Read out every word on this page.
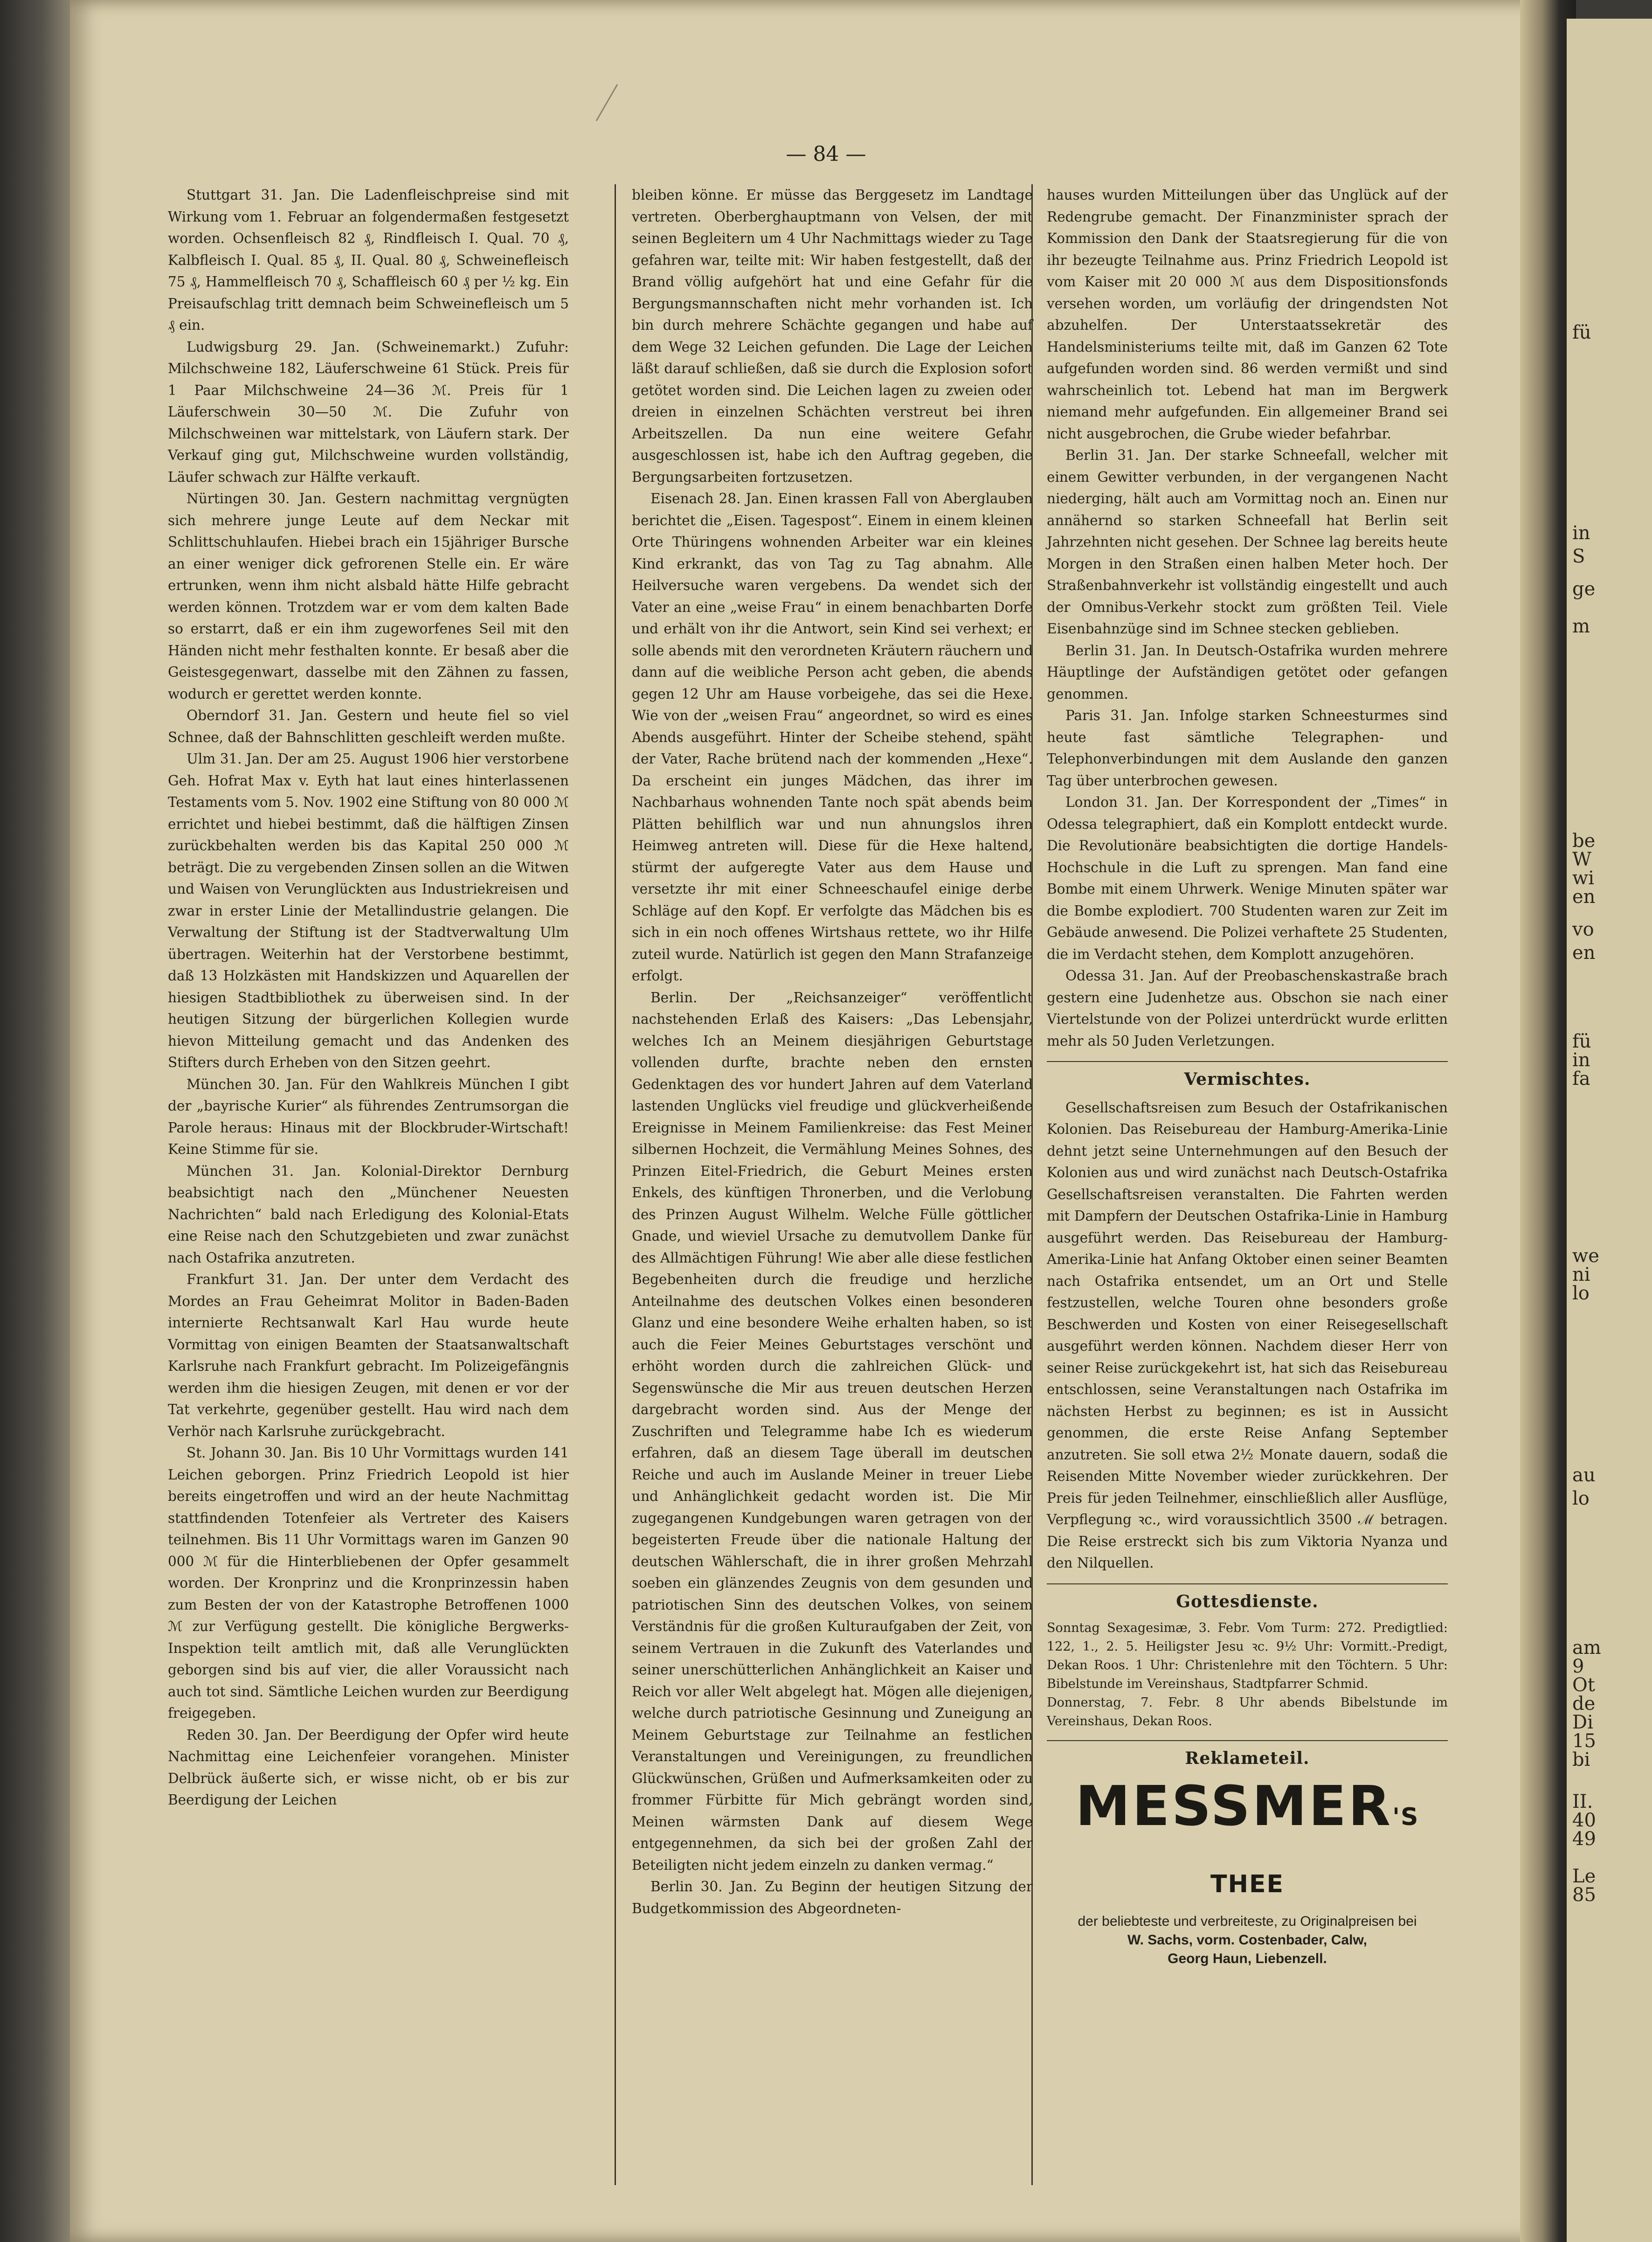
— 84 —

Stuttgart 31. Jan. Die Ladenfleischpreise sind mit Wirkung vom 1. Februar an folgendermaßen festgesetzt worden. Ochsenfleisch 82 ₰, Rindfleisch I. Qual. 70 ₰, Kalbfleisch I. Qual. 85 ₰, II. Qual. 80 ₰, Schweinefleisch 75 ₰, Hammelfleisch 70 ₰, Schaffleisch 60 ₰ per ½ kg. Ein Preisaufschlag tritt demnach beim Schweinefleisch um 5 ₰ ein.

Ludwigsburg 29. Jan. (Schweinemarkt.) Zufuhr: Milchschweine 182, Läuferschweine 61 Stück. Preis für 1 Paar Milchschweine 24—36 ℳ. Preis für 1 Läuferschwein 30—50 ℳ. Die Zufuhr von Milchschweinen war mittelstark, von Läufern stark. Der Verkauf ging gut, Milchschweine wurden vollständig, Läufer schwach zur Hälfte verkauft.

Nürtingen 30. Jan. Gestern nachmittag vergnügten sich mehrere junge Leute auf dem Neckar mit Schlittschuhlaufen. Hiebei brach ein 15jähriger Bursche an einer weniger dick gefrorenen Stelle ein. Er wäre ertrunken, wenn ihm nicht alsbald hätte Hilfe gebracht werden können. Trotzdem war er vom dem kalten Bade so erstarrt, daß er ein ihm zugeworfenes Seil mit den Händen nicht mehr festhalten konnte. Er besaß aber die Geistesgegenwart, dasselbe mit den Zähnen zu fassen, wodurch er gerettet werden konnte.

Oberndorf 31. Jan. Gestern und heute fiel so viel Schnee, daß der Bahnschlitten geschleift werden mußte.

Ulm 31. Jan. Der am 25. August 1906 hier verstorbene Geh. Hofrat Max v. Eyth hat laut eines hinterlassenen Testaments vom 5. Nov. 1902 eine Stiftung von 80 000 ℳ errichtet und hiebei bestimmt, daß die hälftigen Zinsen zurückbehalten werden bis das Kapital 250 000 ℳ beträgt. Die zu vergebenden Zinsen sollen an die Witwen und Waisen von Verunglückten aus Industriekreisen und zwar in erster Linie der Metallindustrie gelangen. Die Verwaltung der Stiftung ist der Stadtverwaltung Ulm übertragen. Weiterhin hat der Verstorbene bestimmt, daß 13 Holzkästen mit Handskizzen und Aquarellen der hiesigen Stadtbibliothek zu überweisen sind. In der heutigen Sitzung der bürgerlichen Kollegien wurde hievon Mitteilung gemacht und das Andenken des Stifters durch Erheben von den Sitzen geehrt.

München 30. Jan. Für den Wahlkreis München I gibt der „bayrische Kurier“ als führendes Zentrumsorgan die Parole heraus: Hinaus mit der Blockbruder-Wirtschaft! Keine Stimme für sie.

München 31. Jan. Kolonial-Direktor Dernburg beabsichtigt nach den „Münchener Neuesten Nachrichten“ bald nach Erledigung des Kolonial-Etats eine Reise nach den Schutzgebieten und zwar zunächst nach Ostafrika anzutreten.

Frankfurt 31. Jan. Der unter dem Verdacht des Mordes an Frau Geheimrat Molitor in Baden-Baden internierte Rechtsanwalt Karl Hau wurde heute Vormittag von einigen Beamten der Staatsanwaltschaft Karlsruhe nach Frankfurt gebracht. Im Polizeigefängnis werden ihm die hiesigen Zeugen, mit denen er vor der Tat verkehrte, gegenüber gestellt. Hau wird nach dem Verhör nach Karlsruhe zurückgebracht.

St. Johann 30. Jan. Bis 10 Uhr Vormittags wurden 141 Leichen geborgen. Prinz Friedrich Leopold ist hier bereits eingetroffen und wird an der heute Nachmittag stattfindenden Totenfeier als Vertreter des Kaisers teilnehmen. Bis 11 Uhr Vormittags waren im Ganzen 90 000 ℳ für die Hinterbliebenen der Opfer gesammelt worden. Der Kronprinz und die Kronprinzessin haben zum Besten der von der Katastrophe Betroffenen 1000 ℳ zur Verfügung gestellt. Die königliche Bergwerks-Inspektion teilt amtlich mit, daß alle Verunglückten geborgen sind bis auf vier, die aller Voraussicht nach auch tot sind. Sämtliche Leichen wurden zur Beerdigung freigegeben.

Reden 30. Jan. Der Beerdigung der Opfer wird heute Nachmittag eine Leichenfeier vorangehen. Minister Delbrück äußerte sich, er wisse nicht, ob er bis zur Beerdigung der Leichen

bleiben könne. Er müsse das Berggesetz im Landtage vertreten. Oberberghauptmann von Velsen, der mit seinen Begleitern um 4 Uhr Nachmittags wieder zu Tage gefahren war, teilte mit: Wir haben festgestellt, daß der Brand völlig aufgehört hat und eine Gefahr für die Bergungsmannschaften nicht mehr vorhanden ist. Ich bin durch mehrere Schächte gegangen und habe auf dem Wege 32 Leichen gefunden. Die Lage der Leichen läßt darauf schließen, daß sie durch die Explosion sofort getötet worden sind. Die Leichen lagen zu zweien oder dreien in einzelnen Schächten verstreut bei ihren Arbeitszellen. Da nun eine weitere Gefahr ausgeschlossen ist, habe ich den Auftrag gegeben, die Bergungsarbeiten fortzusetzen.

Eisenach 28. Jan. Einen krassen Fall von Aberglauben berichtet die „Eisen. Tagespost“. Einem in einem kleinen Orte Thüringens wohnenden Arbeiter war ein kleines Kind erkrankt, das von Tag zu Tag abnahm. Alle Heilversuche waren vergebens. Da wendet sich der Vater an eine „weise Frau“ in einem benachbarten Dorfe und erhält von ihr die Antwort, sein Kind sei verhext; er solle abends mit den verordneten Kräutern räuchern und dann auf die weibliche Person acht geben, die abends gegen 12 Uhr am Hause vorbeigehe, das sei die Hexe. Wie von der „weisen Frau“ angeordnet, so wird es eines Abends ausgeführt. Hinter der Scheibe stehend, späht der Vater, Rache brütend nach der kommenden „Hexe“. Da erscheint ein junges Mädchen, das ihrer im Nachbarhaus wohnenden Tante noch spät abends beim Plätten behilflich war und nun ahnungslos ihren Heimweg antreten will. Diese für die Hexe haltend, stürmt der aufgeregte Vater aus dem Hause und versetzte ihr mit einer Schneeschaufel einige derbe Schläge auf den Kopf. Er verfolgte das Mädchen bis es sich in ein noch offenes Wirtshaus rettete, wo ihr Hilfe zuteil wurde. Natürlich ist gegen den Mann Strafanzeige erfolgt.

Berlin. Der „Reichsanzeiger“ veröffentlicht nachstehenden Erlaß des Kaisers: „Das Lebensjahr, welches Ich an Meinem diesjährigen Geburtstage vollenden durfte, brachte neben den ernsten Gedenktagen des vor hundert Jahren auf dem Vaterland lastenden Unglücks viel freudige und glückverheißende Ereignisse in Meinem Familienkreise: das Fest Meiner silbernen Hochzeit, die Vermählung Meines Sohnes, des Prinzen Eitel-Friedrich, die Geburt Meines ersten Enkels, des künftigen Thronerben, und die Verlobung des Prinzen August Wilhelm. Welche Fülle göttlicher Gnade, und wieviel Ursache zu demutvollem Danke für des Allmächtigen Führung! Wie aber alle diese festlichen Begebenheiten durch die freudige und herzliche Anteilnahme des deutschen Volkes einen besonderen Glanz und eine besondere Weihe erhalten haben, so ist auch die Feier Meines Geburtstages verschönt und erhöht worden durch die zahlreichen Glück- und Segenswünsche die Mir aus treuen deutschen Herzen dargebracht worden sind. Aus der Menge der Zuschriften und Telegramme habe Ich es wiederum erfahren, daß an diesem Tage überall im deutschen Reiche und auch im Auslande Meiner in treuer Liebe und Anhänglichkeit gedacht worden ist. Die Mir zugegangenen Kundgebungen waren getragen von der begeisterten Freude über die nationale Haltung der deutschen Wählerschaft, die in ihrer großen Mehrzahl soeben ein glänzendes Zeugnis von dem gesunden und patriotischen Sinn des deutschen Volkes, von seinem Verständnis für die großen Kulturaufgaben der Zeit, von seinem Vertrauen in die Zukunft des Vaterlandes und seiner unerschütterlichen Anhänglichkeit an Kaiser und Reich vor aller Welt abgelegt hat. Mögen alle diejenigen, welche durch patriotische Gesinnung und Zuneigung an Meinem Geburtstage zur Teilnahme an festlichen Veranstaltungen und Vereinigungen, zu freundlichen Glückwünschen, Grüßen und Aufmerksamkeiten oder zu frommer Fürbitte für Mich gebrängt worden sind, Meinen wärmsten Dank auf diesem Wege entgegennehmen, da sich bei der großen Zahl der Beteiligten nicht jedem einzeln zu danken vermag.“

Berlin 30. Jan. Zu Beginn der heutigen Sitzung der Budgetkommission des Abgeordneten-

hauses wurden Mitteilungen über das Unglück auf der Redengrube gemacht. Der Finanzminister sprach der Kommission den Dank der Staatsregierung für die von ihr bezeugte Teilnahme aus. Prinz Friedrich Leopold ist vom Kaiser mit 20 000 ℳ aus dem Dispositionsfonds versehen worden, um vorläufig der dringendsten Not abzuhelfen. Der Unterstaatssekretär des Handelsministeriums teilte mit, daß im Ganzen 62 Tote aufgefunden worden sind. 86 werden vermißt und sind wahrscheinlich tot. Lebend hat man im Bergwerk niemand mehr aufgefunden. Ein allgemeiner Brand sei nicht ausgebrochen, die Grube wieder befahrbar.

Berlin 31. Jan. Der starke Schneefall, welcher mit einem Gewitter verbunden, in der vergangenen Nacht niederging, hält auch am Vormittag noch an. Einen nur annähernd so starken Schneefall hat Berlin seit Jahrzehnten nicht gesehen. Der Schnee lag bereits heute Morgen in den Straßen einen halben Meter hoch. Der Straßenbahnverkehr ist vollständig eingestellt und auch der Omnibus-Verkehr stockt zum größten Teil. Viele Eisenbahnzüge sind im Schnee stecken geblieben.

Berlin 31. Jan. In Deutsch-Ostafrika wurden mehrere Häuptlinge der Aufständigen getötet oder gefangen genommen.

Paris 31. Jan. Infolge starken Schneesturmes sind heute fast sämtliche Telegraphen- und Telephonverbindungen mit dem Auslande den ganzen Tag über unterbrochen gewesen.

London 31. Jan. Der Korrespondent der „Times“ in Odessa telegraphiert, daß ein Komplott entdeckt wurde. Die Revolutionäre beabsichtigten die dortige Handels-Hochschule in die Luft zu sprengen. Man fand eine Bombe mit einem Uhrwerk. Wenige Minuten später war die Bombe explodiert. 700 Studenten waren zur Zeit im Gebäude anwesend. Die Polizei verhaftete 25 Studenten, die im Verdacht stehen, dem Komplott anzugehören.

Odessa 31. Jan. Auf der Preobaschenskastraße brach gestern eine Judenhetze aus. Obschon sie nach einer Viertelstunde von der Polizei unterdrückt wurde erlitten mehr als 50 Juden Verletzungen.

Vermischtes.

Gesellschaftsreisen zum Besuch der Ostafrikanischen Kolonien. Das Reisebureau der Hamburg-Amerika-Linie dehnt jetzt seine Unternehmungen auf den Besuch der Kolonien aus und wird zunächst nach Deutsch-Ostafrika Gesellschaftsreisen veranstalten. Die Fahrten werden mit Dampfern der Deutschen Ostafrika-Linie in Hamburg ausgeführt werden. Das Reisebureau der Hamburg-Amerika-Linie hat Anfang Oktober einen seiner Beamten nach Ostafrika entsendet, um an Ort und Stelle festzustellen, welche Touren ohne besonders große Beschwerden und Kosten von einer Reisegesellschaft ausgeführt werden können. Nachdem dieser Herr von seiner Reise zurückgekehrt ist, hat sich das Reisebureau entschlossen, seine Veranstaltungen nach Ostafrika im nächsten Herbst zu beginnen; es ist in Aussicht genommen, die erste Reise Anfang September anzutreten. Sie soll etwa 2½ Monate dauern, sodaß die Reisenden Mitte November wieder zurückkehren. Der Preis für jeden Teilnehmer, einschließlich aller Ausflüge, Verpflegung ꝛc., wird voraussichtlich 3500 ℳ betragen. Die Reise erstreckt sich bis zum Viktoria Nyanza und den Nilquellen.

Gottesdienste.
Sonntag Sexagesimæ, 3. Febr. Vom Turm: 272. Predigtlied: 122, 1., 2. 5. Heiligster Jesu ꝛc. 9½ Uhr: Vormitt.-Predigt, Dekan Roos. 1 Uhr: Christenlehre mit den Töchtern. 5 Uhr: Bibelstunde im Vereinshaus, Stadtpfarrer Schmid.
Donnerstag, 7. Febr. 8 Uhr abends Bibelstunde im Vereinshaus, Dekan Roos.
Reklameteil.
MESSMER'S THEE
der beliebteste und verbreiteste, zu Originalpreisen bei
W. Sachs, vorm. Costenbader, Calw,
Georg Haun, Liebenzell.
fü
in
S
ge
m
be
W
wi
en
vo
en
fü
in
fa
we
ni
lo
au
lo
am
9
Ot
de
Di
15
bi
II.
40
49
Le
85
